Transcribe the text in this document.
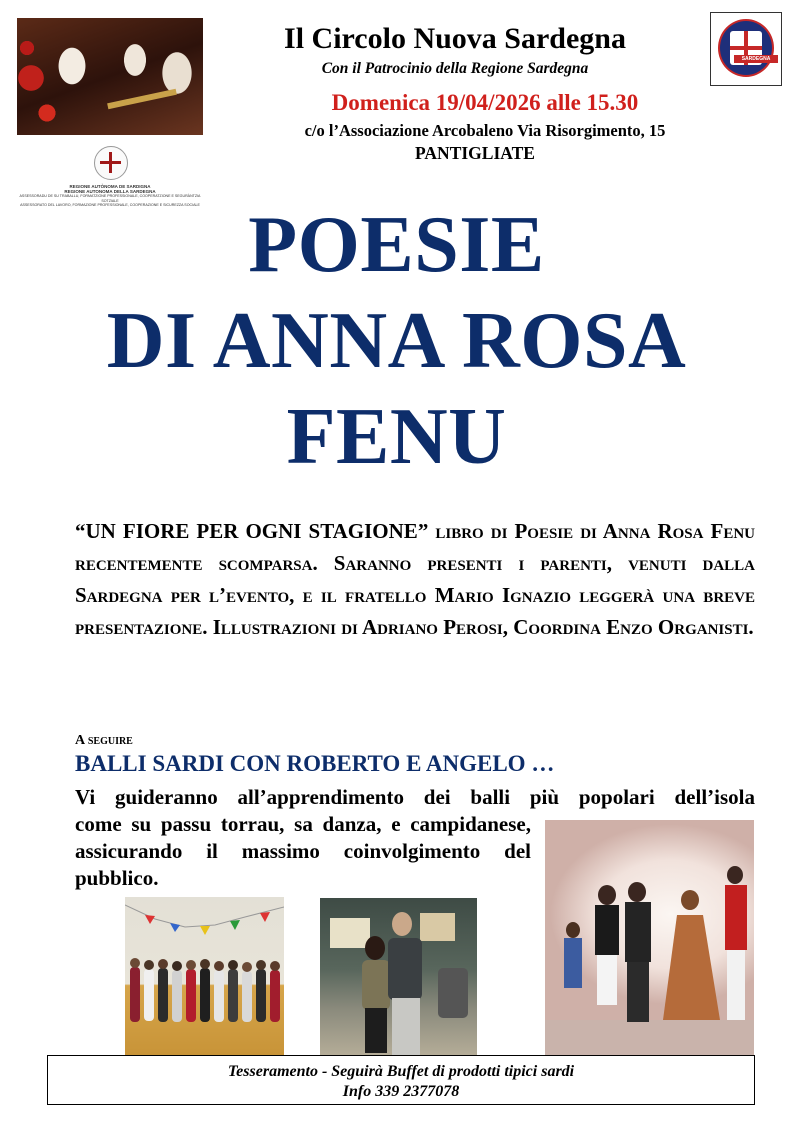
REGIONE AUTÒNOMA DE SARDIGNA
REGIONE AUTONOMA DELLA SARDEGNA
ASSESSORADU DE SU TRABALLU, FORMATZIONE PROFESSIONALE, COOPERATZIONE E SEGURÀNTZIA SOTZIALE
ASSESSORATO DEL LAVORO, FORMAZIONE PROFESSIONALE, COOPERAZIONE E SICUREZZA SOCIALE
SARDEGNA
Il Circolo Nuova Sardegna
Con il Patrocinio della Regione Sardegna
Domenica 19/04/2026 alle 15.30
c/o l’Associazione Arcobaleno Via Risorgimento, 15
PANTIGLIATE
POESIE
DI ANNA ROSA
FENU
“UN FIORE PER OGNI STAGIONE” libro di Poesie di Anna Rosa Fenu recentemente scomparsa. Saranno presenti i parenti, venuti dalla Sardegna per l’evento, e il fratello Mario Ignazio leggerà una breve presentazione. Illustrazioni di Adriano Perosi, Coordina Enzo Organisti.
A seguire
BALLI SARDI CON ROBERTO E ANGELO …
Vi guideranno all’apprendimento dei balli più popolari dell’isola
come su passu torrau, sa danza, e campidanese, assicurando il massimo coinvolgimento del pubblico.
Tesseramento - Seguirà Buffet di prodotti tipici sardi
Info 339 2377078
